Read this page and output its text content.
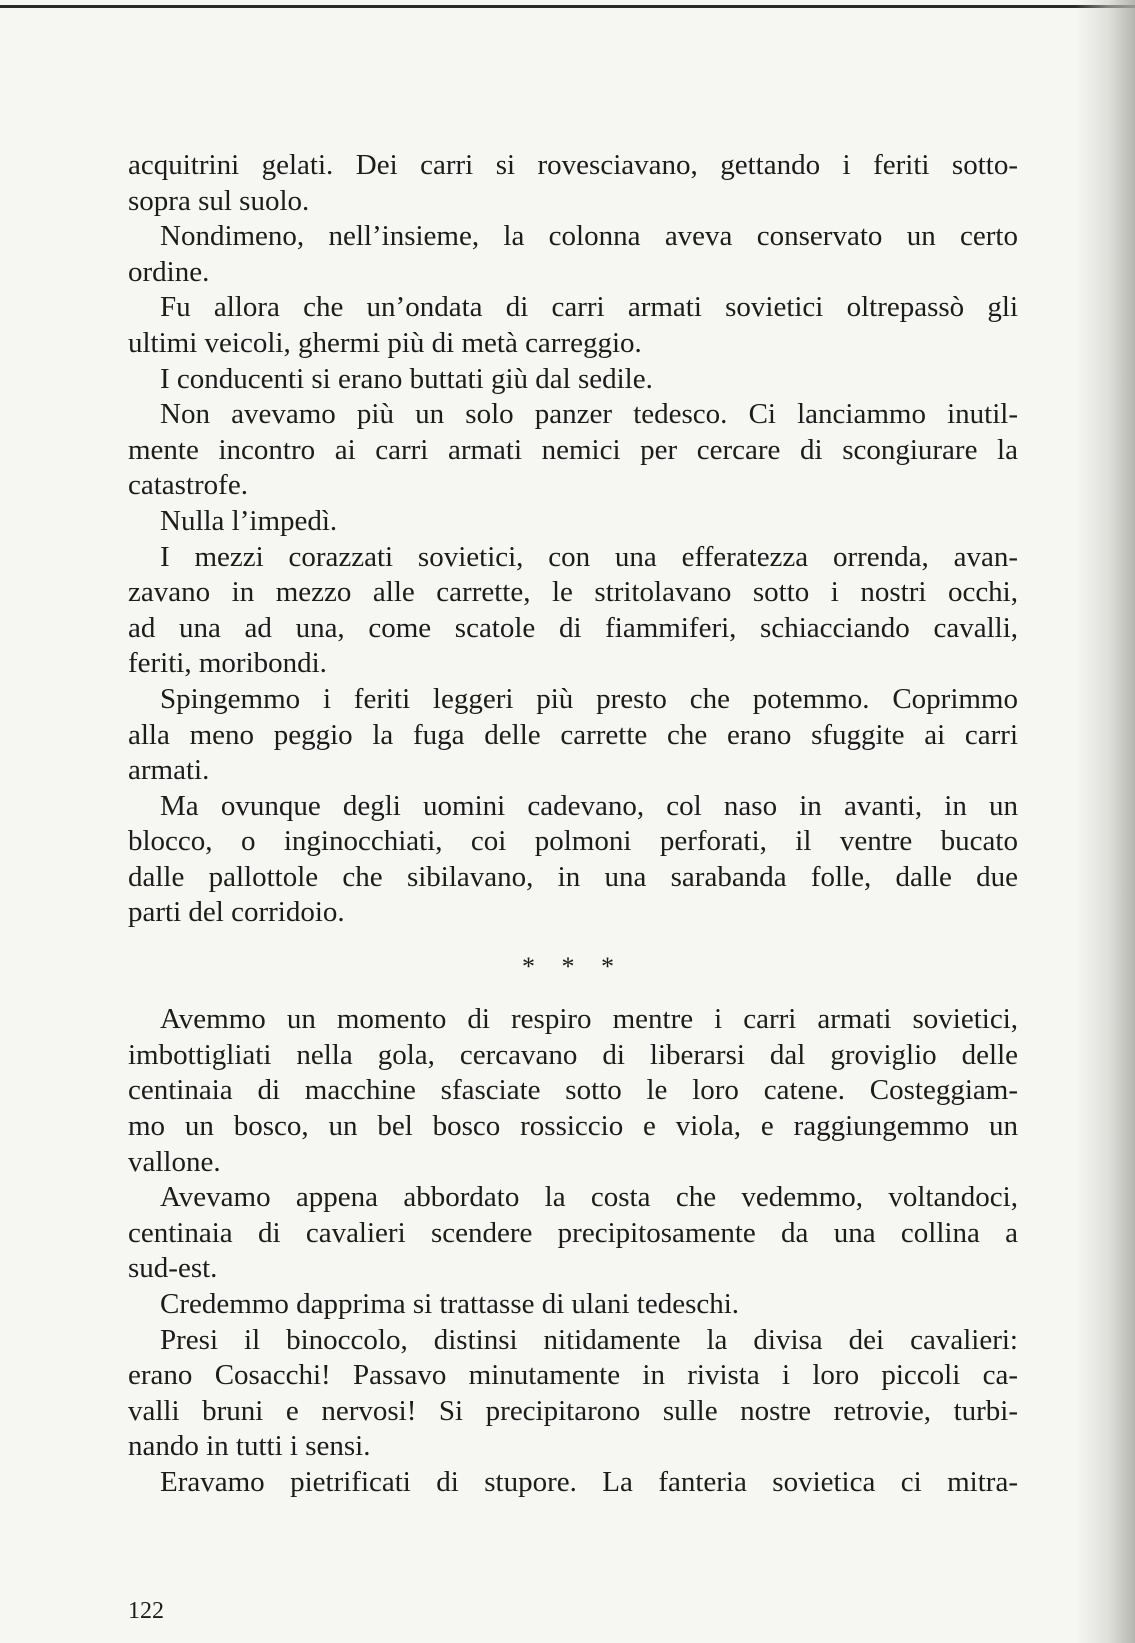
acquitrini gelati. Dei carri si rovesciavano, gettando i feriti sotto-
sopra sul suolo.
Nondimeno, nell’insieme, la colonna aveva conservato un certo
ordine.
Fu allora che un’ondata di carri armati sovietici oltrepassò gli
ultimi veicoli, ghermi più di metà carreggio.
I conducenti si erano buttati giù dal sedile.
Non avevamo più un solo panzer tedesco. Ci lanciammo inutil-
mente incontro ai carri armati nemici per cercare di scongiurare la
catastrofe.
Nulla l’impedì.
I mezzi corazzati sovietici, con una efferatezza orrenda, avan-
zavano in mezzo alle carrette, le stritolavano sotto i nostri occhi,
ad una ad una, come scatole di fiammiferi, schiacciando cavalli,
feriti, moribondi.
Spingemmo i feriti leggeri più presto che potemmo. Coprimmo
alla meno peggio la fuga delle carrette che erano sfuggite ai carri
armati.
Ma ovunque degli uomini cadevano, col naso in avanti, in un
blocco, o inginocchiati, coi polmoni perforati, il ventre bucato
dalle pallottole che sibilavano, in una sarabanda folle, dalle due
parti del corridoio.
* * *
Avemmo un momento di respiro mentre i carri armati sovietici,
imbottigliati nella gola, cercavano di liberarsi dal groviglio delle
centinaia di macchine sfasciate sotto le loro catene. Costeggiam-
mo un bosco, un bel bosco rossiccio e viola, e raggiungemmo un
vallone.
Avevamo appena abbordato la costa che vedemmo, voltandoci,
centinaia di cavalieri scendere precipitosamente da una collina a
sud-est.
Credemmo dapprima si trattasse di ulani tedeschi.
Presi il binoccolo, distinsi nitidamente la divisa dei cavalieri:
erano Cosacchi! Passavo minutamente in rivista i loro piccoli ca-
valli bruni e nervosi! Si precipitarono sulle nostre retrovie, turbi-
nando in tutti i sensi.
Eravamo pietrificati di stupore. La fanteria sovietica ci mitra-
122
